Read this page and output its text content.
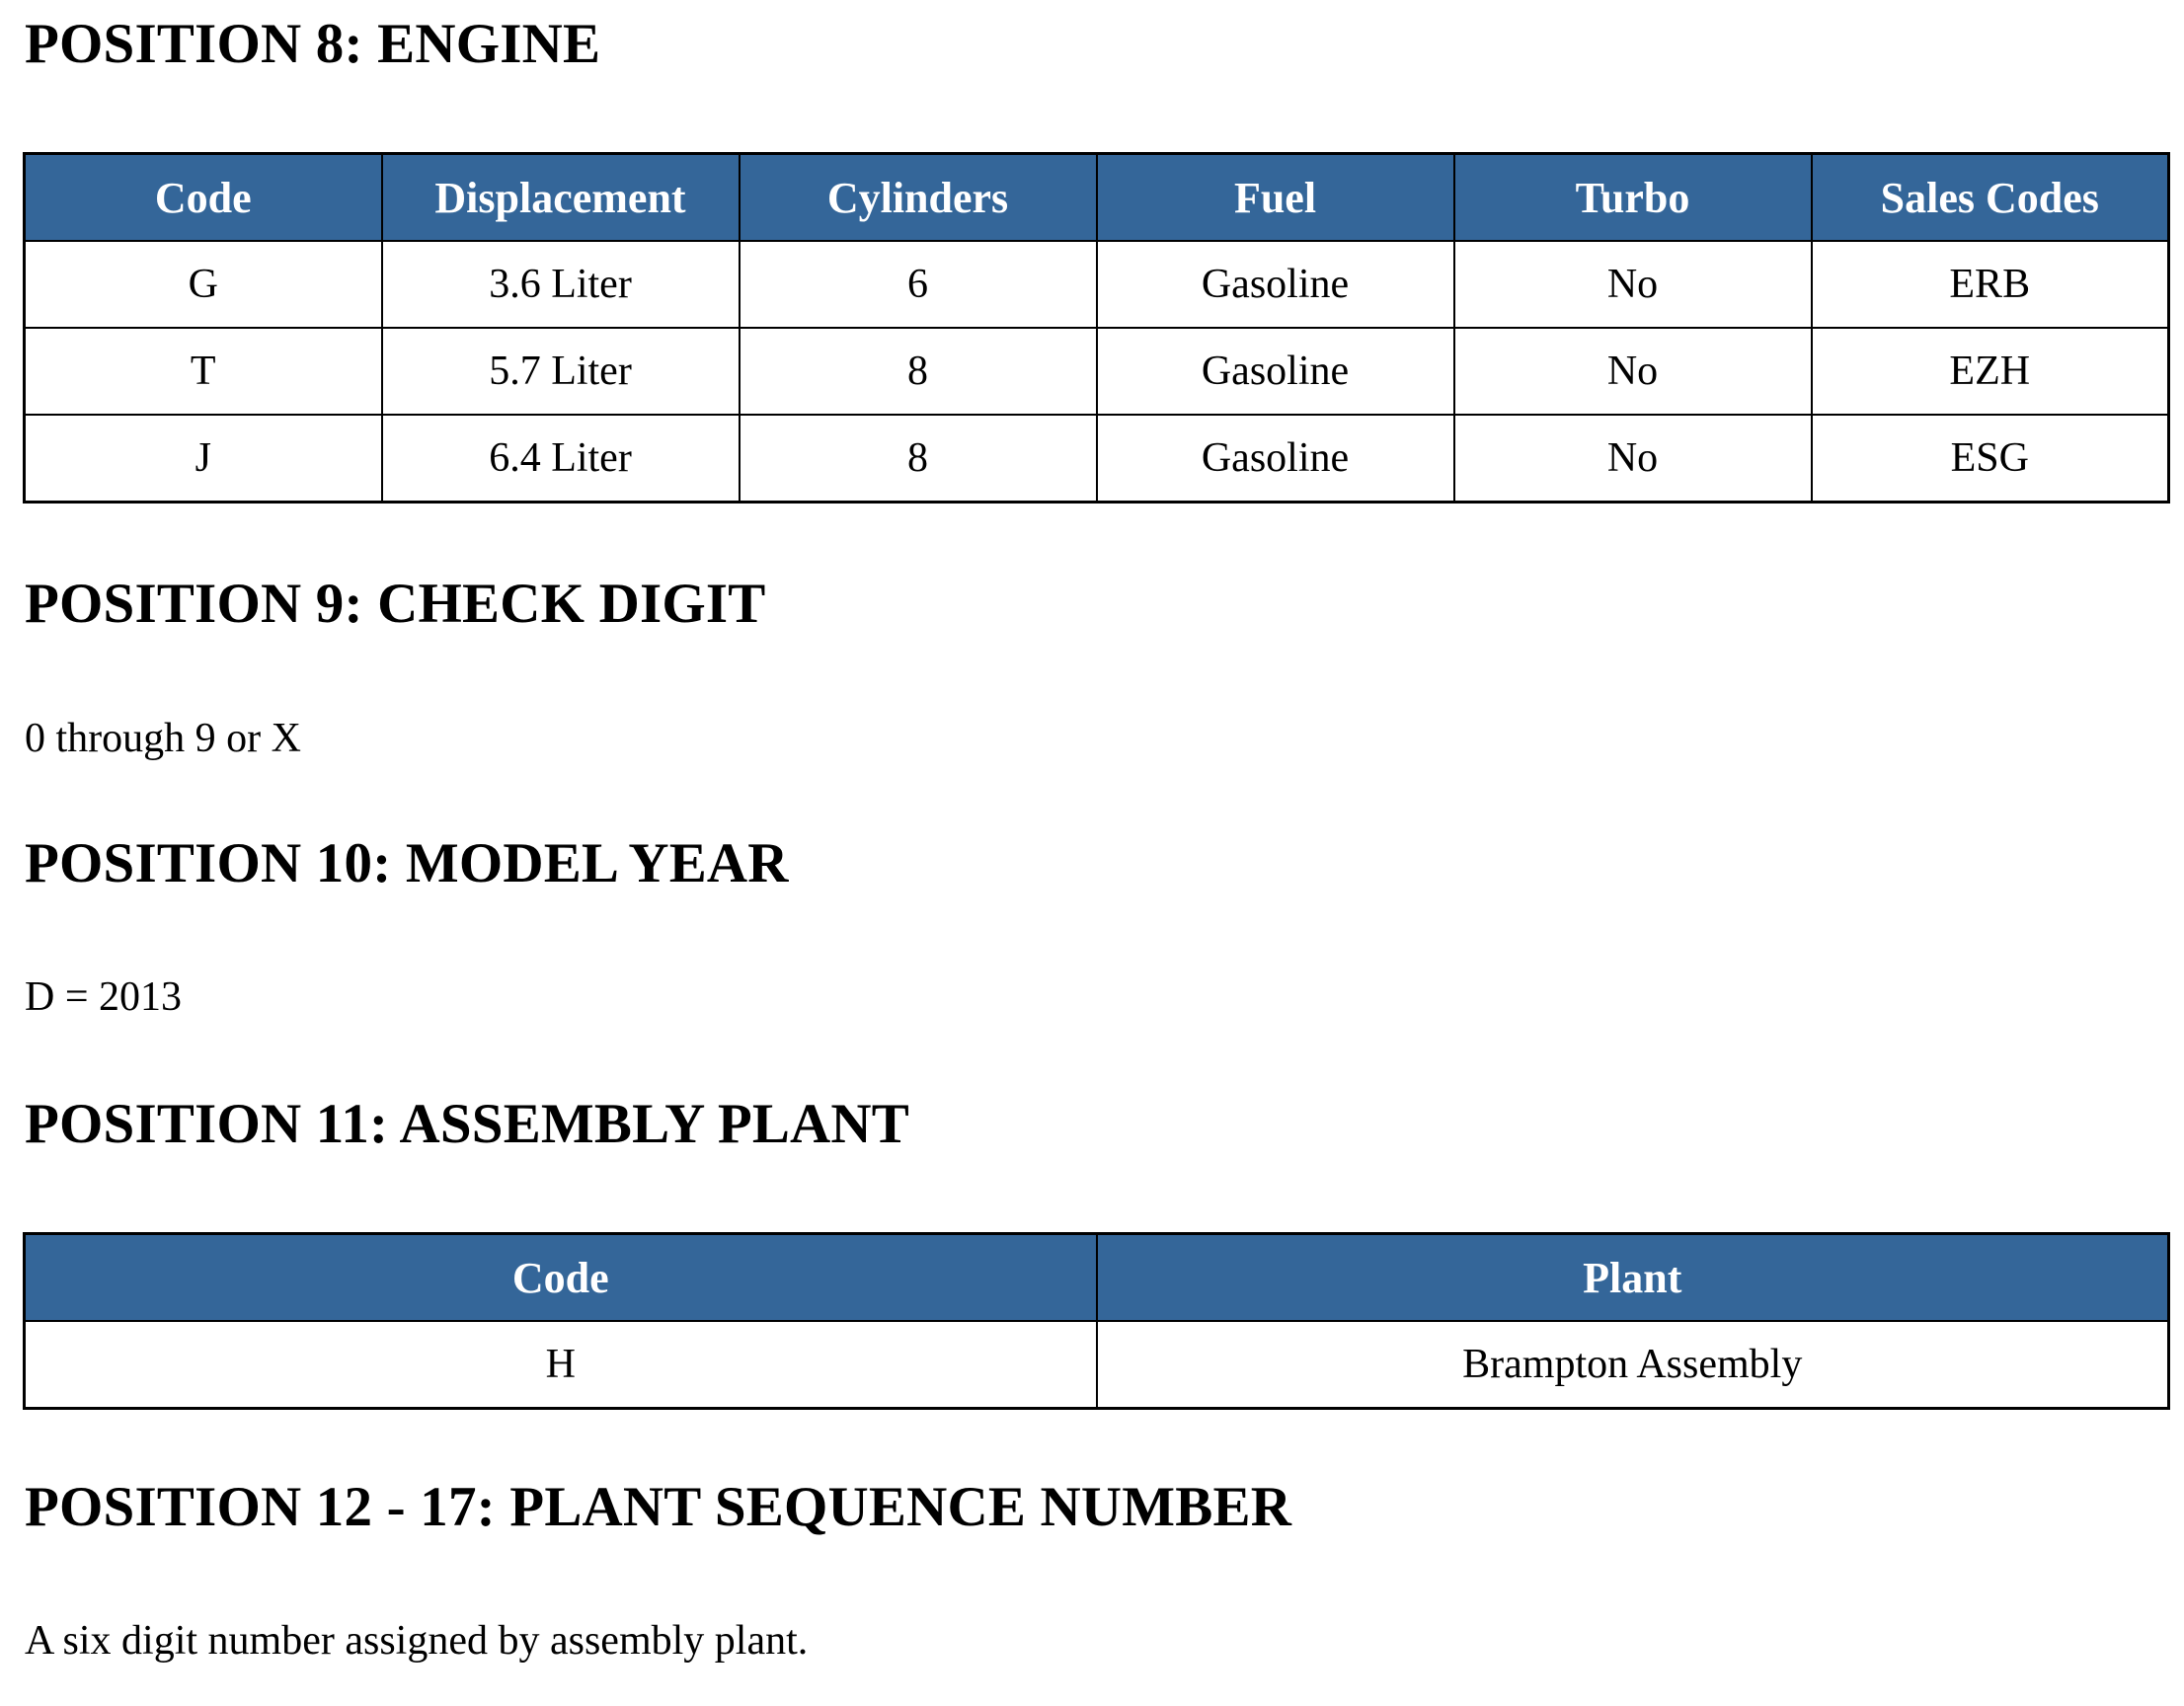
POSITION 8: ENGINE
Code	Displacement	Cylinders	Fuel	Turbo	Sales Codes
G	3.6 Liter	6	Gasoline	No	ERB
T	5.7 Liter	8	Gasoline	No	EZH
J	6.4 Liter	8	Gasoline	No	ESG
POSITION 9: CHECK DIGIT

0 through 9 or X

POSITION 10: MODEL YEAR

D = 2013

POSITION 11: ASSEMBLY PLANT
Code	Plant
H	Brampton Assembly
POSITION 12 - 17: PLANT SEQUENCE NUMBER

A six digit number assigned by assembly plant.
